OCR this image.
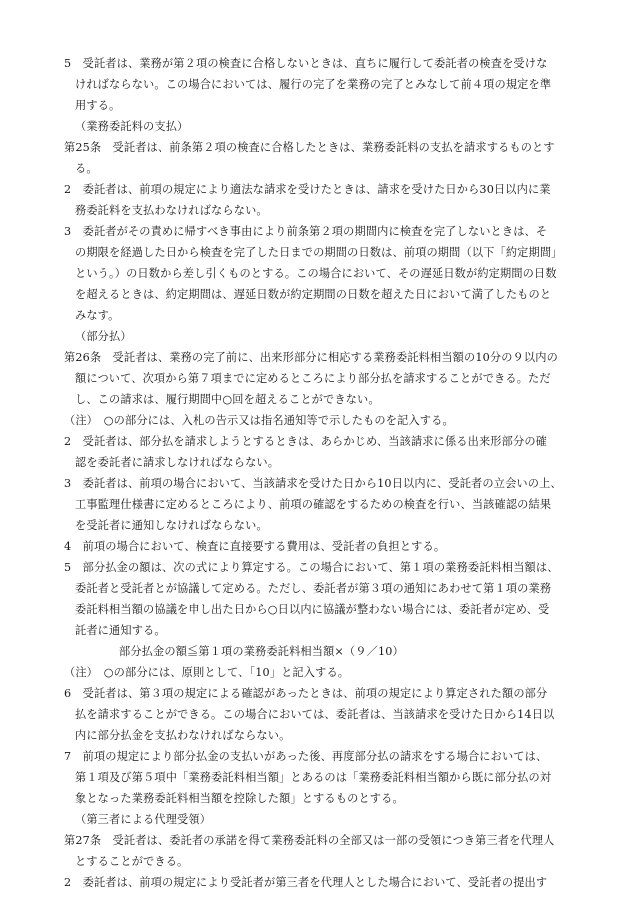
5　受託者は、業務が第２項の検査に合格しないときは、直ちに履行して委託者の検査を受けな

ければならない。この場合においては、履行の完了を業務の完了とみなして前４項の規定を準

用する。

（業務委託料の支払）

第25条　受託者は、前条第２項の検査に合格したときは、業務委託料の支払を請求するものとす

る。

2　委託者は、前項の規定により適法な請求を受けたときは、請求を受けた日から30日以内に業

務委託料を支払わなければならない。

3　委託者がその責めに帰すべき事由により前条第２項の期間内に検査を完了しないときは、そ

の期限を経過した日から検査を完了した日までの期間の日数は、前項の期間（以下「約定期間」

という。）の日数から差し引くものとする。この場合において、その遅延日数が約定期間の日数

を超えるときは、約定期間は、遅延日数が約定期間の日数を超えた日において満了したものと

みなす。

（部分払）

第26条　受託者は、業務の完了前に、出来形部分に相応する業務委託料相当額の10分の９以内の

額について、次項から第７項までに定めるところにより部分払を請求することができる。ただ

し、この請求は、履行期間中○回を超えることができない。

（注）　○の部分には、入札の告示又は指名通知等で示したものを記入する。

2　受託者は、部分払を請求しようとするときは、あらかじめ、当該請求に係る出来形部分の確

認を委託者に請求しなければならない。

3　委託者は、前項の場合において、当該請求を受けた日から10日以内に、受託者の立会いの上、

工事監理仕様書に定めるところにより、前項の確認をするための検査を行い、当該確認の結果

を受託者に通知しなければならない。

4　前項の場合において、検査に直接要する費用は、受託者の負担とする。

5　部分払金の額は、次の式により算定する。この場合において、第１項の業務委託料相当額は、

委託者と受託者とが協議して定める。ただし、委託者が第３項の通知にあわせて第１項の業務

委託料相当額の協議を申し出た日から○日以内に協議が整わない場合には、委託者が定め、受

託者に通知する。

部分払金の額≦第１項の業務委託料相当額×（９／10）

（注）　○の部分には、原則として、「10」と記入する。

6　受託者は、第３項の規定による確認があったときは、前項の規定により算定された額の部分

払を請求することができる。この場合においては、委託者は、当該請求を受けた日から14日以

内に部分払金を支払わなければならない。

7　前項の規定により部分払金の支払いがあった後、再度部分払の請求をする場合においては、

第１項及び第５項中「業務委託料相当額」とあるのは「業務委託料相当額から既に部分払の対

象となった業務委託料相当額を控除した額」とするものとする。

（第三者による代理受領）

第27条　受託者は、委託者の承諾を得て業務委託料の全部又は一部の受領につき第三者を代理人

とすることができる。

2　委託者は、前項の規定により受託者が第三者を代理人とした場合において、受託者の提出す
